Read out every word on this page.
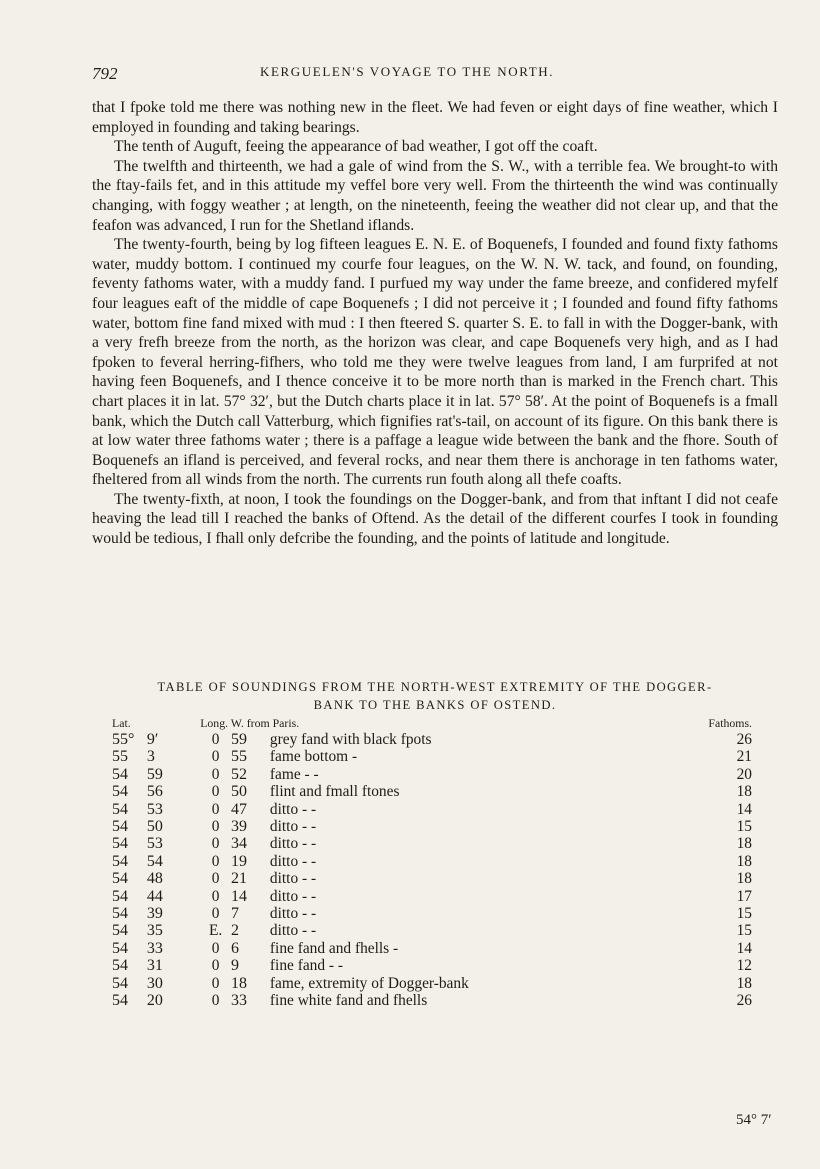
792	KERGUELEN'S VOYAGE TO THE NORTH.

that I fpoke told me there was nothing new in the fleet. We had feven or eight days of fine weather, which I employed in founding and taking bearings.

The tenth of Auguft, feeing the appearance of bad weather, I got off the coaft.

The twelfth and thirteenth, we had a gale of wind from the S. W., with a terrible fea. We brought-to with the ftay-fails fet, and in this attitude my veffel bore very well. From the thirteenth the wind was continually changing, with foggy weather ; at length, on the nineteenth, feeing the weather did not clear up, and that the feafon was advanced, I run for the Shetland iflands.

The twenty-fourth, being by log fifteen leagues E. N. E. of Boquenefs, I founded and found fixty fathoms water, muddy bottom. I continued my courfe four leagues, on the W. N. W. tack, and found, on founding, feventy fathoms water, with a muddy fand. I purfued my way under the fame breeze, and confidered myfelf four leagues eaft of the middle of cape Boquenefs ; I did not perceive it ; I founded and found fifty fathoms water, bottom fine fand mixed with mud : I then fteered S. quarter S. E. to fall in with the Dogger-bank, with a very frefh breeze from the north, as the horizon was clear, and cape Boquenefs very high, and as I had fpoken to feveral herring-fifhers, who told me they were twelve leagues from land, I am furprifed at not having feen Boquenefs, and I thence conceive it to be more north than is marked in the French chart. This chart places it in lat. 57° 32′, but the Dutch charts place it in lat. 57° 58′. At the point of Boquenefs is a fmall bank, which the Dutch call Vatterburg, which fignifies rat's-tail, on account of its figure. On this bank there is at low water three fathoms water ; there is a paffage a league wide between the bank and the fhore. South of Boquenefs an ifland is perceived, and feveral rocks, and near them there is anchorage in ten fathoms water, fheltered from all winds from the north. The currents run fouth along all thefe coafts.

The twenty-fixth, at noon, I took the foundings on the Dogger-bank, and from that inftant I did not ceafe heaving the lead till I reached the banks of Oftend. As the detail of the different courfes I took in founding would be tedious, I fhall only defcribe the founding, and the points of latitude and longitude.

TABLE OF SOUNDINGS FROM THE NORTH-WEST EXTREMITY OF THE DOGGER-
BANK TO THE BANKS OF OSTEND.
Lat.		Long. W. from Paris.			Fathoms.
55°	9′	0	59	grey fand with black fpots	26
55	3	0	55	fame bottom -	21
54	59	0	52	fame - -	20
54	56	0	50	flint and fmall ftones	18
54	53	0	47	ditto - -	14
54	50	0	39	ditto - -	15
54	53	0	34	ditto - -	18
54	54	0	19	ditto - -	18
54	48	0	21	ditto - -	18
54	44	0	14	ditto - -	17
54	39	0	7	ditto - -	15
54	35	E.	2	ditto - -	15
54	33	0	6	fine fand and fhells -	14
54	31	0	9	fine fand - -	12
54	30	0	18	fame, extremity of Dogger-bank	18
54	20	0	33	fine white fand and fhells	26
54° 7′
